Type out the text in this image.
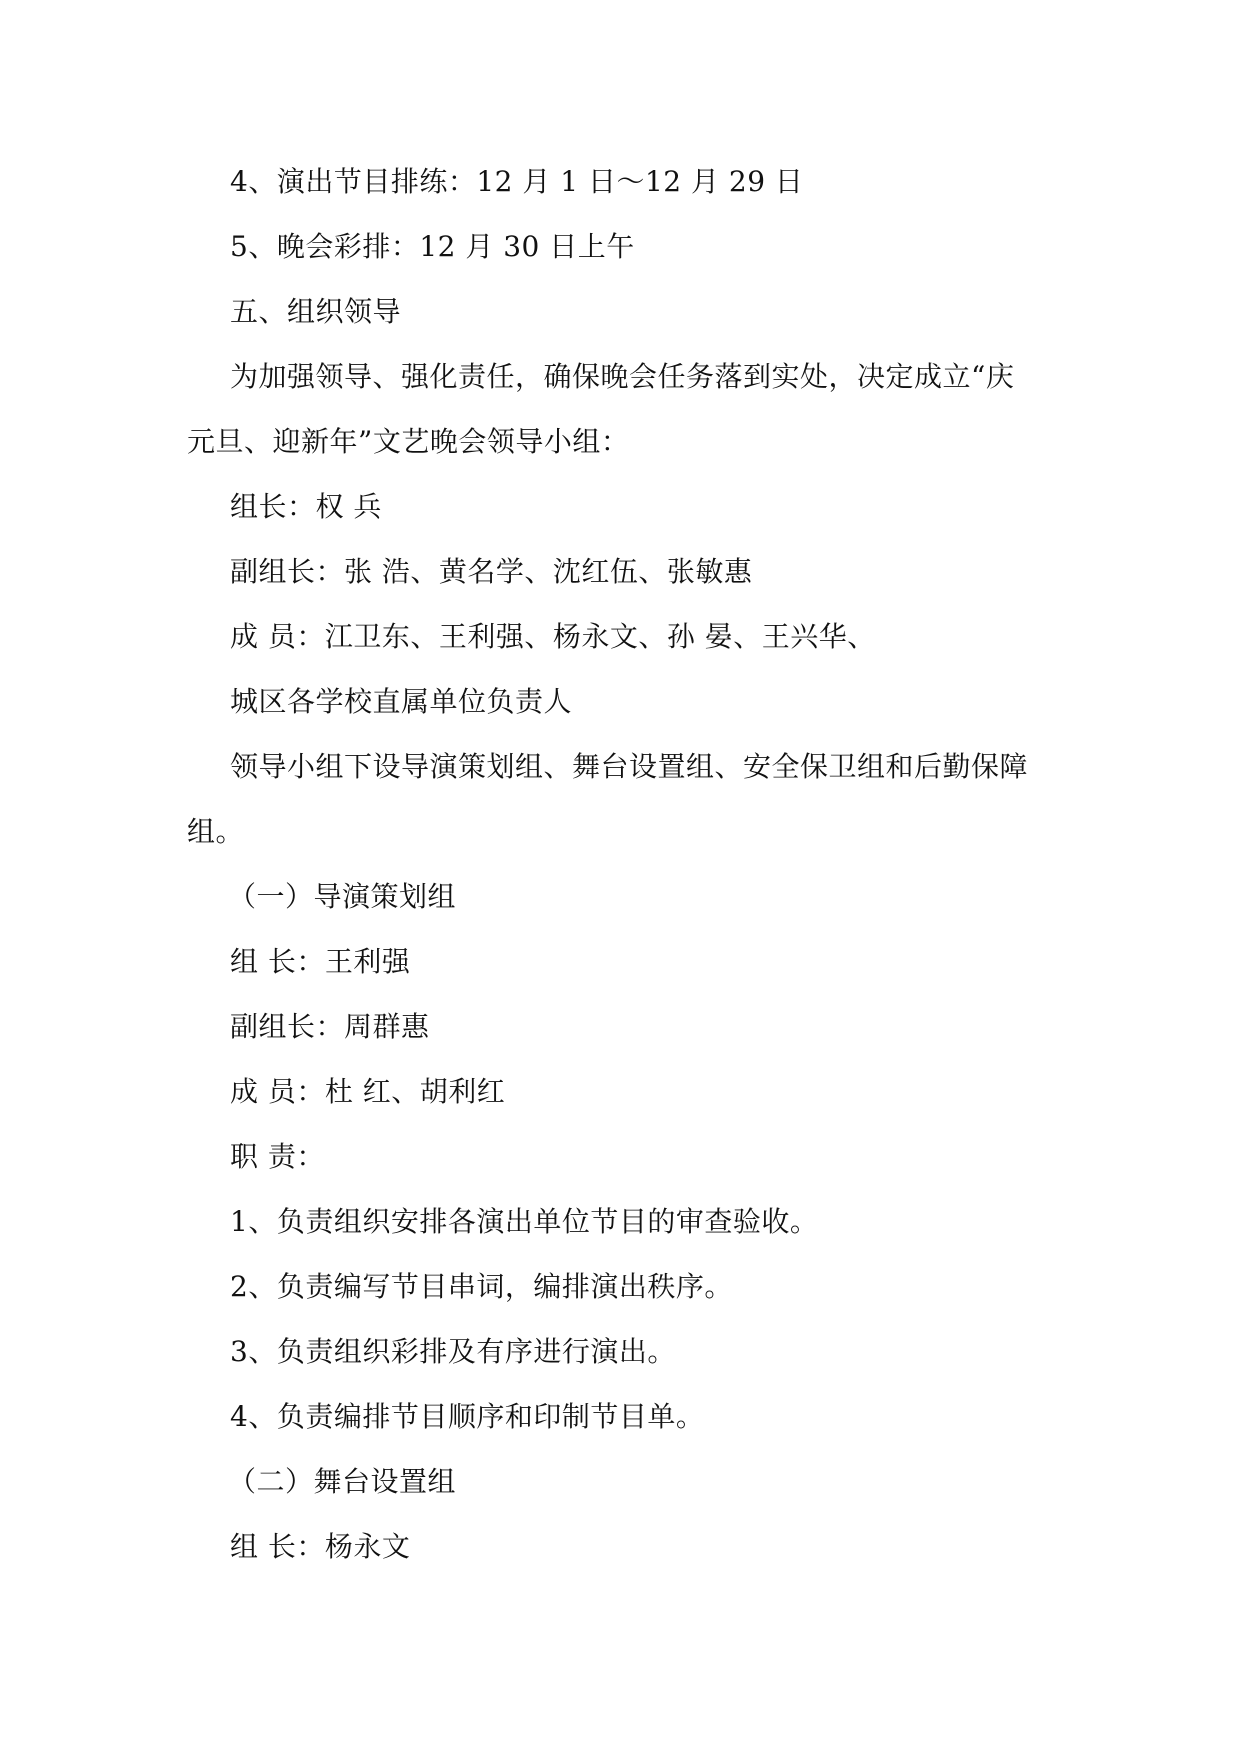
4、演出节目排练：12 月 1 日～12 月 29 日
5、晚会彩排：12 月 30 日上午
五、组织领导
为加强领导、强化责任，确保晚会任务落到实处，决定成立“庆
元旦、迎新年”文艺晚会领导小组：
组长：权 兵
副组长：张 浩、黄名学、沈红伍、张敏惠
成 员：江卫东、王利强、杨永文、孙 晏、王兴华、
城区各学校直属单位负责人
领导小组下设导演策划组、舞台设置组、安全保卫组和后勤保障
组。
（一）导演策划组
组 长：王利强
副组长：周群惠
成 员：杜 红、胡利红
职 责：
1、负责组织安排各演出单位节目的审查验收。
2、负责编写节目串词，编排演出秩序。
3、负责组织彩排及有序进行演出。
4、负责编排节目顺序和印制节目单。
（二）舞台设置组
组 长：杨永文
